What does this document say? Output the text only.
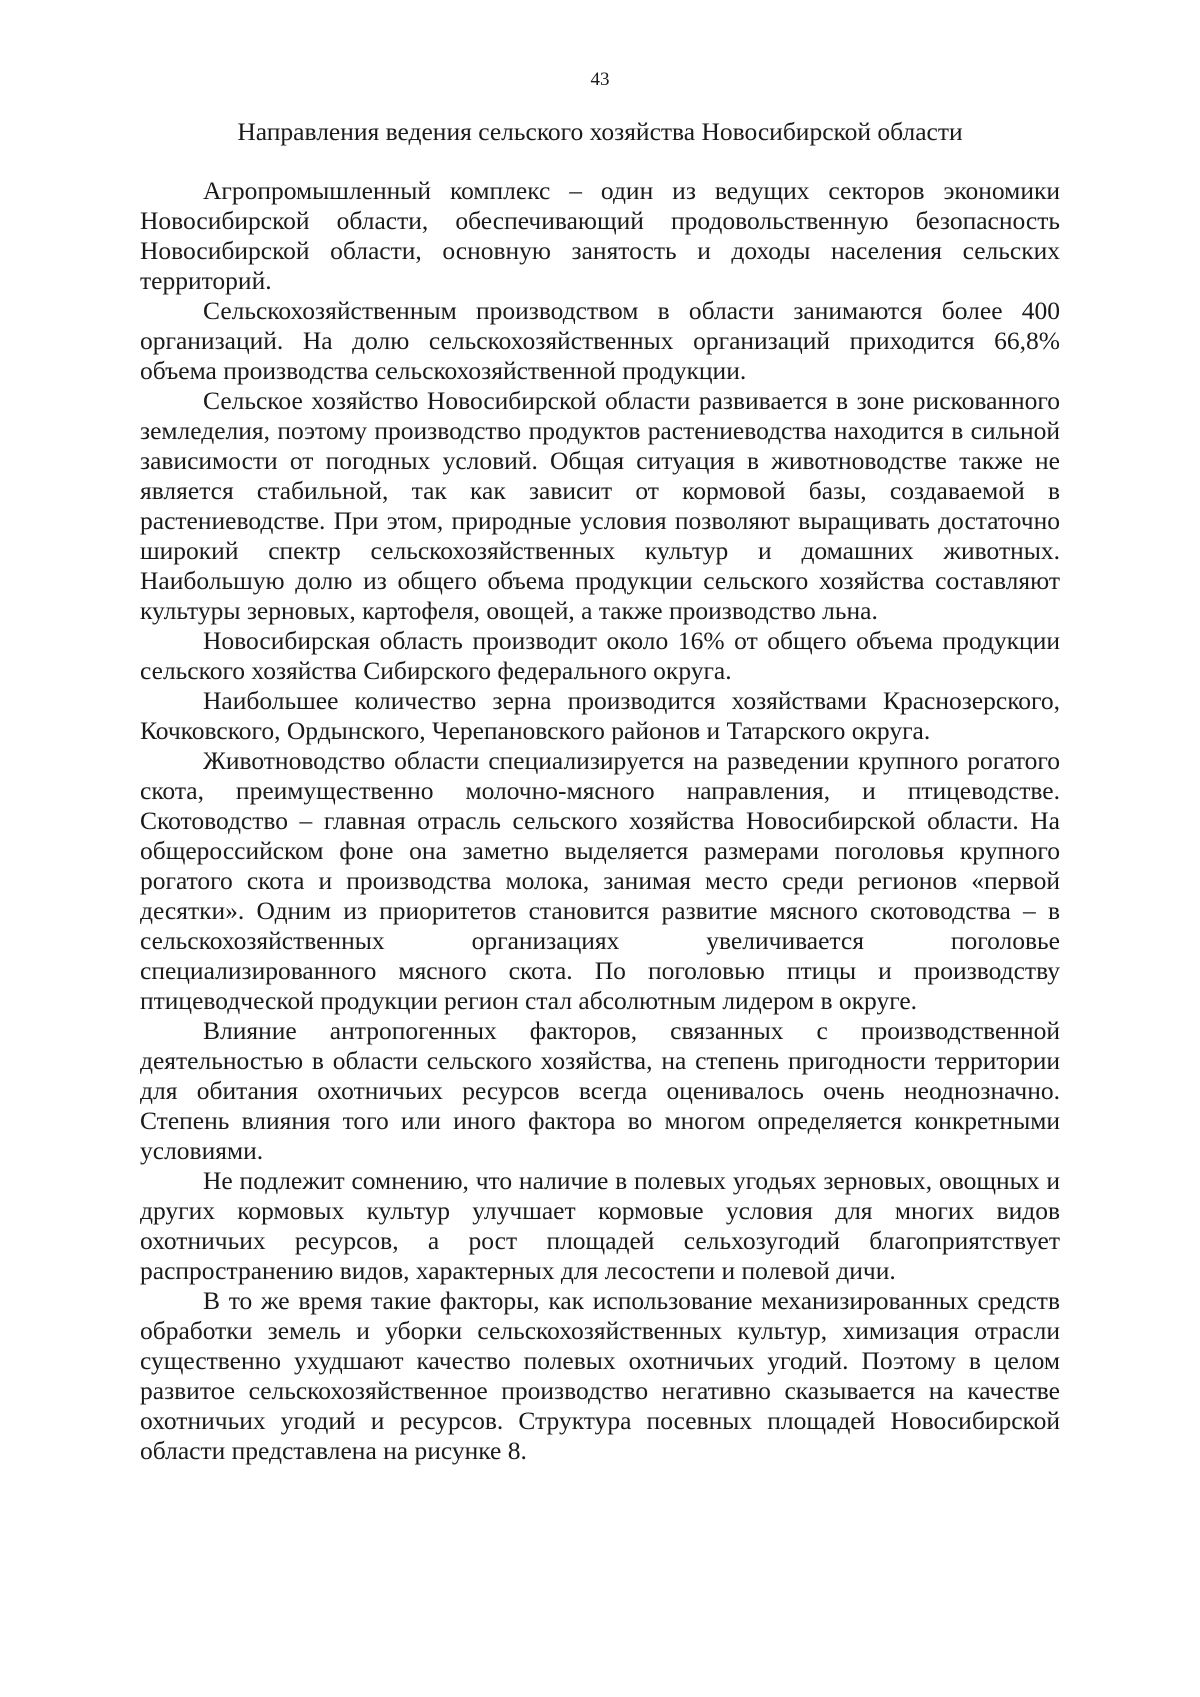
43
Направления ведения сельского хозяйства Новосибирской области

Агропромышленный комплекс – один из ведущих секторов экономики Новосибирской области, обеспечивающий продовольственную безопасность Новосибирской области, основную занятость и доходы населения сельских территорий.

Сельскохозяйственным производством в области занимаются более 400 организаций. На долю сельскохозяйственных организаций приходится 66,8% объема производства сельскохозяйственной продукции.

Сельское хозяйство Новосибирской области развивается в зоне рискованного земледелия, поэтому производство продуктов растениеводства находится в сильной зависимости от погодных условий. Общая ситуация в животноводстве также не является стабильной, так как зависит от кормовой базы, создаваемой в растениеводстве. При этом, природные условия позволяют выращивать достаточно широкий спектр сельскохозяйственных культур и домашних животных. Наибольшую долю из общего объема продукции сельского хозяйства составляют культуры зерновых, картофеля, овощей, а также производство льна.

Новосибирская область производит около 16% от общего объема продукции сельского хозяйства Сибирского федерального округа.

Наибольшее количество зерна производится хозяйствами Краснозерского, Кочковского, Ордынского, Черепановского районов и Татарского округа.

Животноводство области специализируется на разведении крупного рогатого скота, преимущественно молочно-мясного направления, и птицеводстве. Скотоводство – главная отрасль сельского хозяйства Новосибирской области. На общероссийском фоне она заметно выделяется размерами поголовья крупного рогатого скота и производства молока, занимая место среди регионов «первой десятки». Одним из приоритетов становится развитие мясного скотоводства – в сельскохозяйственных организациях увеличивается поголовье специализированного мясного скота. По поголовью птицы и производству птицеводческой продукции регион стал абсолютным лидером в округе.

Влияние антропогенных факторов, связанных с производственной деятельностью в области сельского хозяйства, на степень пригодности территории для обитания охотничьих ресурсов всегда оценивалось очень неоднозначно. Степень влияния того или иного фактора во многом определяется конкретными условиями.

Не подлежит сомнению, что наличие в полевых угодьях зерновых, овощных и других кормовых культур улучшает кормовые условия для многих видов охотничьих ресурсов, а рост площадей сельхозугодий благоприятствует распространению видов, характерных для лесостепи и полевой дичи.

В то же время такие факторы, как использование механизированных средств обработки земель и уборки сельскохозяйственных культур, химизация отрасли существенно ухудшают качество полевых охотничьих угодий. Поэтому в целом развитое сельскохозяйственное производство негативно сказывается на качестве охотничьих угодий и ресурсов. Структура посевных площадей Новосибирской области представлена на рисунке 8.
